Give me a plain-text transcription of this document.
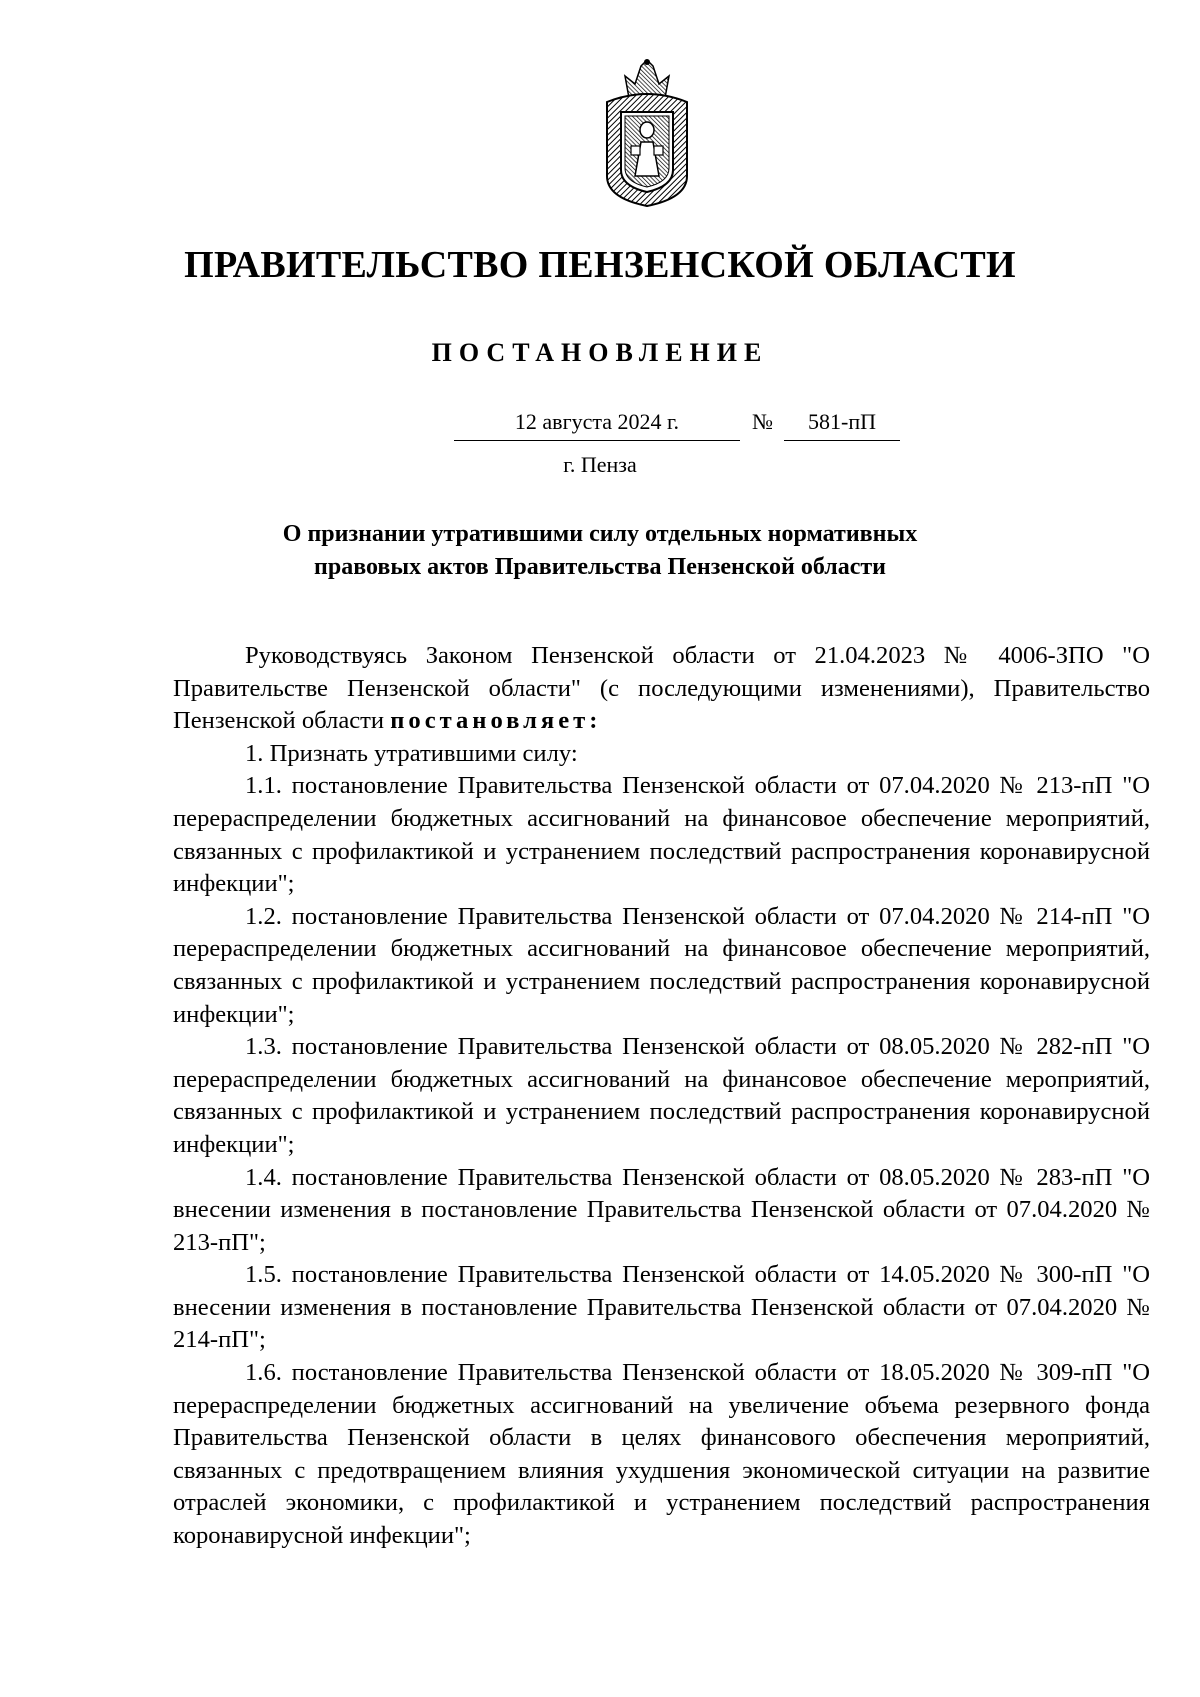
ПРАВИТЕЛЬСТВО ПЕНЗЕНСКОЙ ОБЛАСТИ
ПОСТАНОВЛЕНИЕ
12 августа 2024 г.	№	581-пП
г. Пенза
О признании утратившими силу отдельных нормативных
правовых актов Правительства Пензенской области

Руководствуясь Законом Пензенской области от 21.04.2023 № 4006-ЗПО "О Правительстве Пензенской области" (с последующими изменениями), Правительство Пензенской области постановляет:

1. Признать утратившими силу:

1.1. постановление Правительства Пензенской области от 07.04.2020 № 213-пП "О перераспределении бюджетных ассигнований на финансовое обеспечение мероприятий, связанных с профилактикой и устранением последствий распространения коронавирусной инфекции";

1.2. постановление Правительства Пензенской области от 07.04.2020 № 214-пП "О перераспределении бюджетных ассигнований на финансовое обеспечение мероприятий, связанных с профилактикой и устранением последствий распространения коронавирусной инфекции";

1.3. постановление Правительства Пензенской области от 08.05.2020 № 282-пП "О перераспределении бюджетных ассигнований на финансовое обеспечение мероприятий, связанных с профилактикой и устранением последствий распространения коронавирусной инфекции";

1.4. постановление Правительства Пензенской области от 08.05.2020 № 283-пП "О внесении изменения в постановление Правительства Пензенской области от 07.04.2020 № 213-пП";

1.5. постановление Правительства Пензенской области от 14.05.2020 № 300-пП "О внесении изменения в постановление Правительства Пензенской области от 07.04.2020 № 214-пП";

1.6. постановление Правительства Пензенской области от 18.05.2020 № 309-пП "О перераспределении бюджетных ассигнований на увеличение объема резервного фонда Правительства Пензенской области в целях финансового обеспечения мероприятий, связанных с предотвращением влияния ухудшения экономической ситуации на развитие отраслей экономики, с профилактикой и устранением последствий распространения коронавирусной инфекции";
